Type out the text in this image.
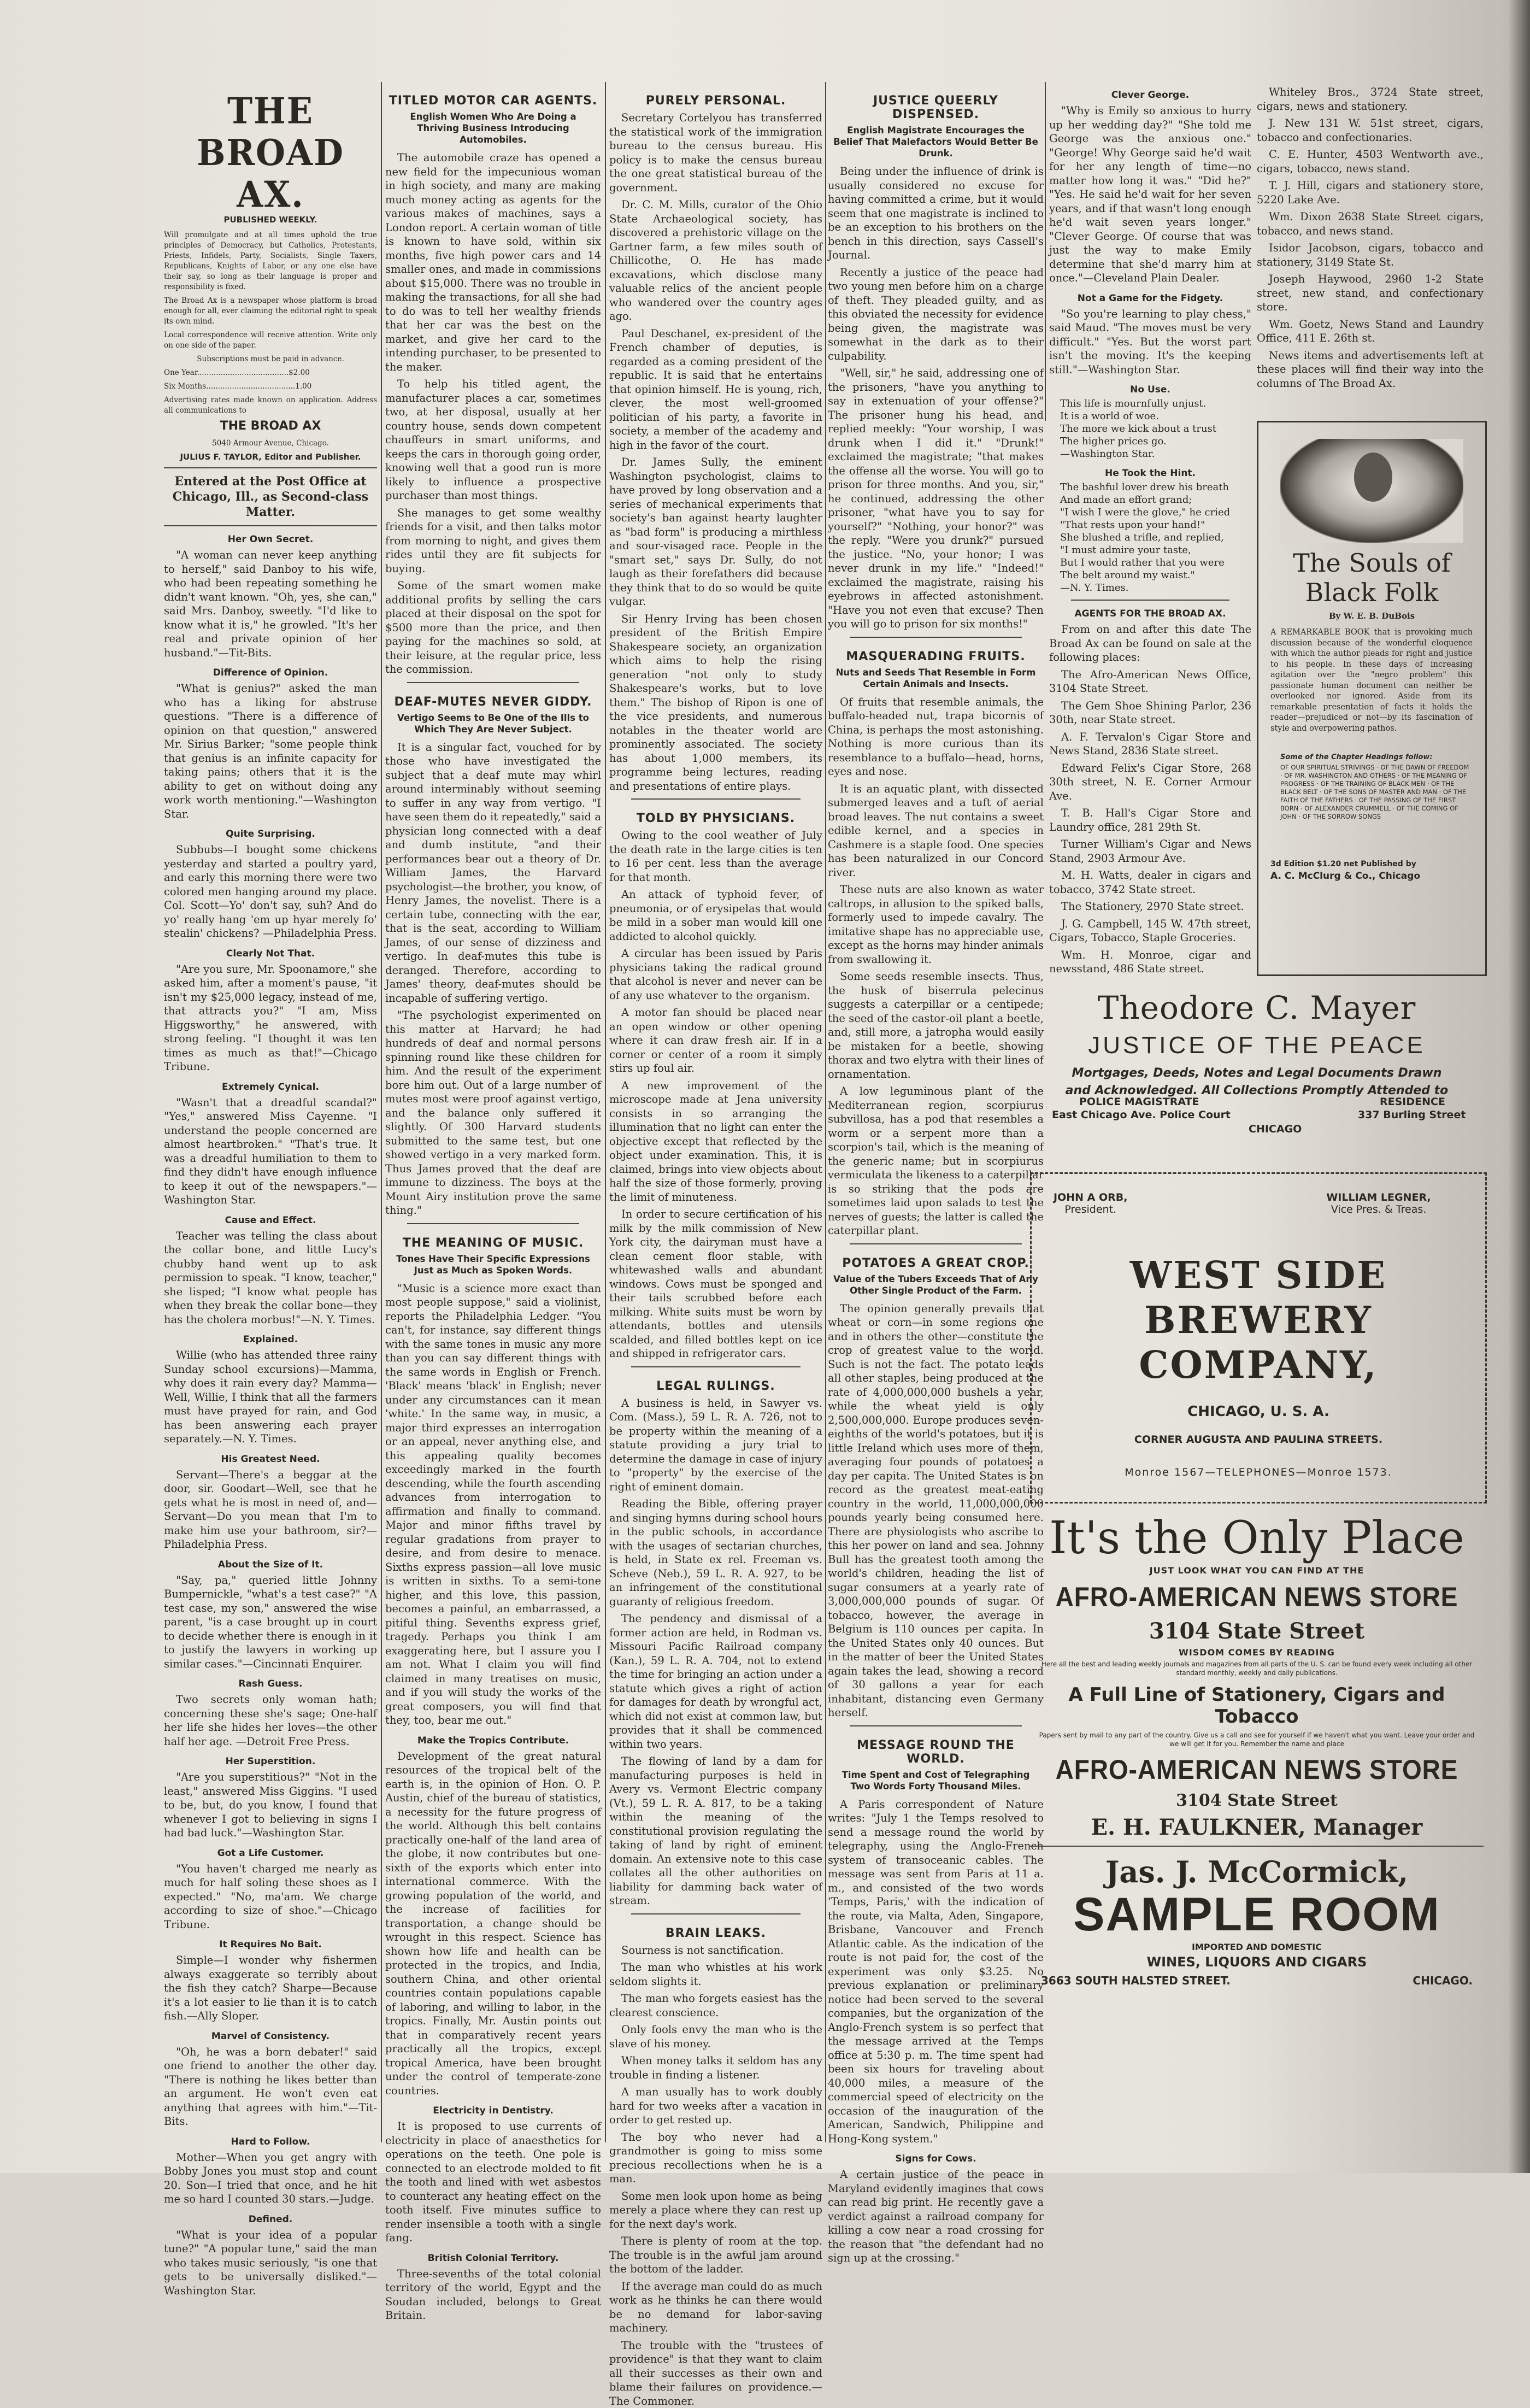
THE BROAD AX.
PUBLISHED WEEKLY.
Will promulgate and at all times uphold the true principles of Democracy, but Catholics, Protestants, Priests, Infidels, Party, Socialists, Single Taxers, Republicans, Knights of Labor, or any one else have their say, so long as their language is proper and responsibility is fixed.
The Broad Ax is a newspaper whose platform is broad enough for all, ever claiming the editorial right to speak its own mind.
Local correspondence will receive attention. Write only on one side of the paper.
Subscriptions must be paid in advance.
One Year.......................................$2.00
Six Months......................................1.00
Advertising rates made known on application. Address all communications to
THE BROAD AX
5040 Armour Avenue, Chicago.
JULIUS F. TAYLOR, Editor and Publisher.
Entered at the Post Office at Chicago, Ill., as Second-class Matter.
Her Own Secret.

"A woman can never keep anything to herself," said Danboy to his wife, who had been repeating something he didn't want known. "Oh, yes, she can," said Mrs. Danboy, sweetly. "I'd like to know what it is," he growled. "It's her real and private opinion of her husband."—Tit-Bits.

Difference of Opinion.

"What is genius?" asked the man who has a liking for abstruse questions. "There is a difference of opinion on that question," answered Mr. Sirius Barker; "some people think that genius is an infinite capacity for taking pains; others that it is the ability to get on without doing any work worth mentioning."—Washington Star.

Quite Surprising.

Subbubs—I bought some chickens yesterday and started a poultry yard, and early this morning there were two colored men hanging around my place. Col. Scott—Yo' don't say, suh? And do yo' really hang 'em up hyar merely fo' stealin' chickens? —Philadelphia Press.

Clearly Not That.

"Are you sure, Mr. Spoonamore," she asked him, after a moment's pause, "it isn't my $25,000 legacy, instead of me, that attracts you?" "I am, Miss Higgsworthy," he answered, with strong feeling. "I thought it was ten times as much as that!"—Chicago Tribune.

Extremely Cynical.

"Wasn't that a dreadful scandal?" "Yes," answered Miss Cayenne. "I understand the people concerned are almost heartbroken." "That's true. It was a dreadful humiliation to them to find they didn't have enough influence to keep it out of the newspapers."—Washington Star.

Cause and Effect.

Teacher was telling the class about the collar bone, and little Lucy's chubby hand went up to ask permission to speak. "I know, teacher," she lisped; "I know what people has when they break the collar bone—they has the cholera morbus!"—N. Y. Times.

Explained.

Willie (who has attended three rainy Sunday school excursions)—Mamma, why does it rain every day? Mamma—Well, Willie, I think that all the farmers must have prayed for rain, and God has been answering each prayer separately.—N. Y. Times.

His Greatest Need.

Servant—There's a beggar at the door, sir. Goodart—Well, see that he gets what he is most in need of, and— Servant—Do you mean that I'm to make him use your bathroom, sir?—Philadelphia Press.

About the Size of It.

"Say, pa," queried little Johnny Bumpernickle, "what's a test case?" "A test case, my son," answered the wise parent, "is a case brought up in court to decide whether there is enough in it to justify the lawyers in working up similar cases."—Cincinnati Enquirer.

Rash Guess.

Two secrets only woman hath; concerning these she's sage; One-half her life she hides her loves—the other half her age. —Detroit Free Press.

Her Superstition.

"Are you superstitious?" "Not in the least," answered Miss Giggins. "I used to be, but, do you know, I found that whenever I got to believing in signs I had bad luck."—Washington Star.

Got a Life Customer.

"You haven't charged me nearly as much for half soling these shoes as I expected." "No, ma'am. We charge according to size of shoe."—Chicago Tribune.

It Requires No Bait.

Simple—I wonder why fishermen always exaggerate so terribly about the fish they catch? Sharpe—Because it's a lot easier to lie than it is to catch fish.—Ally Sloper.

Marvel of Consistency.

"Oh, he was a born debater!" said one friend to another the other day. "There is nothing he likes better than an argument. He won't even eat anything that agrees with him."—Tit-Bits.

Hard to Follow.

Mother—When you get angry with Bobby Jones you must stop and count 20. Son—I tried that once, and he hit me so hard I counted 30 stars.—Judge.

Defined.

"What is your idea of a popular tune?" "A popular tune," said the man who takes music seriously, "is one that gets to be universally disliked."—Washington Star.

TITLED MOTOR CAR AGENTS.
English Women Who Are Doing a Thriving Business Introducing Automobiles.

The automobile craze has opened a new field for the impecunious woman in high society, and many are making much money acting as agents for the various makes of machines, says a London report. A certain woman of title is known to have sold, within six months, five high power cars and 14 smaller ones, and made in commissions about $15,000. There was no trouble in making the transactions, for all she had to do was to tell her wealthy friends that her car was the best on the market, and give her card to the intending purchaser, to be presented to the maker.

To help his titled agent, the manufacturer places a car, sometimes two, at her disposal, usually at her country house, sends down competent chauffeurs in smart uniforms, and keeps the cars in thorough going order, knowing well that a good run is more likely to influence a prospective purchaser than most things.

She manages to get some wealthy friends for a visit, and then talks motor from morning to night, and gives them rides until they are fit subjects for buying.

Some of the smart women make additional profits by selling the cars placed at their disposal on the spot for $500 more than the price, and then paying for the machines so sold, at their leisure, at the regular price, less the commission.

DEAF-MUTES NEVER GIDDY.
Vertigo Seems to Be One of the Ills to Which They Are Never Subject.

It is a singular fact, vouched for by those who have investigated the subject that a deaf mute may whirl around interminably without seeming to suffer in any way from vertigo. "I have seen them do it repeatedly," said a physician long connected with a deaf and dumb institute, "and their performances bear out a theory of Dr. William James, the Harvard psychologist—the brother, you know, of Henry James, the novelist. There is a certain tube, connecting with the ear, that is the seat, according to William James, of our sense of dizziness and vertigo. In deaf-mutes this tube is deranged. Therefore, according to James' theory, deaf-mutes should be incapable of suffering vertigo.

"The psychologist experimented on this matter at Harvard; he had hundreds of deaf and normal persons spinning round like these children for him. And the result of the experiment bore him out. Out of a large number of mutes most were proof against vertigo, and the balance only suffered it slightly. Of 300 Harvard students submitted to the same test, but one showed vertigo in a very marked form. Thus James proved that the deaf are immune to dizziness. The boys at the Mount Airy institution prove the same thing."

THE MEANING OF MUSIC.
Tones Have Their Specific Expressions Just as Much as Spoken Words.

"Music is a science more exact than most people suppose," said a violinist, reports the Philadelphia Ledger. "You can't, for instance, say different things with the same tones in music any more than you can say different things with the same words in English or French. 'Black' means 'black' in English; never under any circumstances can it mean 'white.' In the same way, in music, a major third expresses an interrogation or an appeal, never anything else, and this appealing quality becomes exceedingly marked in the fourth descending, while the fourth ascending advances from interrogation to affirmation and finally to command. Major and minor fifths travel by regular gradations from prayer to desire, and from desire to menace. Sixths express passion—all love music is written in sixths. To a semi-tone higher, and this love, this passion, becomes a painful, an embarrassed, a pitiful thing. Sevenths express grief, tragedy. Perhaps you think I am exaggerating here, but I assure you I am not. What I claim you will find claimed in many treatises on music, and if you will study the works of the great composers, you will find that they, too, bear me out."

Make the Tropics Contribute.

Development of the great natural resources of the tropical belt of the earth is, in the opinion of Hon. O. P. Austin, chief of the bureau of statistics, a necessity for the future progress of the world. Although this belt contains practically one-half of the land area of the globe, it now contributes but one-sixth of the exports which enter into international commerce. With the growing population of the world, and the increase of facilities for transportation, a change should be wrought in this respect. Science has shown how life and health can be protected in the tropics, and India, southern China, and other oriental countries contain populations capable of laboring, and willing to labor, in the tropics. Finally, Mr. Austin points out that in comparatively recent years practically all the tropics, except tropical America, have been brought under the control of temperate-zone countries.

Electricity in Dentistry.

It is proposed to use currents of electricity in place of anaesthetics for operations on the teeth. One pole is connected to an electrode molded to fit the tooth and lined with wet asbestos to counteract any heating effect on the tooth itself. Five minutes suffice to render insensible a tooth with a single fang.

British Colonial Territory.

Three-sevenths of the total colonial territory of the world, Egypt and the Soudan included, belongs to Great Britain.

PURELY PERSONAL.

Secretary Cortelyou has transferred the statistical work of the immigration bureau to the census bureau. His policy is to make the census bureau the one great statistical bureau of the government.

Dr. C. M. Mills, curator of the Ohio State Archaeological society, has discovered a prehistoric village on the Gartner farm, a few miles south of Chillicothe, O. He has made excavations, which disclose many valuable relics of the ancient people who wandered over the country ages ago.

Paul Deschanel, ex-president of the French chamber of deputies, is regarded as a coming president of the republic. It is said that he entertains that opinion himself. He is young, rich, clever, the most well-groomed politician of his party, a favorite in society, a member of the academy and high in the favor of the court.

Dr. James Sully, the eminent Washington psychologist, claims to have proved by long observation and a series of mechanical experiments that society's ban against hearty laughter as "bad form" is producing a mirthless and sour-visaged race. People in the "smart set," says Dr. Sully, do not laugh as their forefathers did because they think that to do so would be quite vulgar.

Sir Henry Irving has been chosen president of the British Empire Shakespeare society, an organization which aims to help the rising generation "not only to study Shakespeare's works, but to love them." The bishop of Ripon is one of the vice presidents, and numerous notables in the theater world are prominently associated. The society has about 1,000 members, its programme being lectures, reading and presentations of entire plays.

TOLD BY PHYSICIANS.

Owing to the cool weather of July the death rate in the large cities is ten to 16 per cent. less than the average for that month.

An attack of typhoid fever, of pneumonia, or of erysipelas that would be mild in a sober man would kill one addicted to alcohol quickly.

A circular has been issued by Paris physicians taking the radical ground that alcohol is never and never can be of any use whatever to the organism.

A motor fan should be placed near an open window or other opening where it can draw fresh air. If in a corner or center of a room it simply stirs up foul air.

A new improvement of the microscope made at Jena university consists in so arranging the illumination that no light can enter the objective except that reflected by the object under examination. This, it is claimed, brings into view objects about half the size of those formerly, proving the limit of minuteness.

In order to secure certification of his milk by the milk commission of New York city, the dairyman must have a clean cement floor stable, with whitewashed walls and abundant windows. Cows must be sponged and their tails scrubbed before each milking. White suits must be worn by attendants, bottles and utensils scalded, and filled bottles kept on ice and shipped in refrigerator cars.

LEGAL RULINGS.

A business is held, in Sawyer vs. Com. (Mass.), 59 L. R. A. 726, not to be property within the meaning of a statute providing a jury trial to determine the damage in case of injury to "property" by the exercise of the right of eminent domain.

Reading the Bible, offering prayer and singing hymns during school hours in the public schools, in accordance with the usages of sectarian churches, is held, in State ex rel. Freeman vs. Scheve (Neb.), 59 L. R. A. 927, to be an infringement of the constitutional guaranty of religious freedom.

The pendency and dismissal of a former action are held, in Rodman vs. Missouri Pacific Railroad company (Kan.), 59 L. R. A. 704, not to extend the time for bringing an action under a statute which gives a right of action for damages for death by wrongful act, which did not exist at common law, but provides that it shall be commenced within two years.

The flowing of land by a dam for manufacturing purposes is held in Avery vs. Vermont Electric company (Vt.), 59 L. R. A. 817, to be a taking within the meaning of the constitutional provision regulating the taking of land by right of eminent domain. An extensive note to this case collates all the other authorities on liability for damming back water of stream.

BRAIN LEAKS.

Sourness is not sanctification.

The man who whistles at his work seldom slights it.

The man who forgets easiest has the clearest conscience.

Only fools envy the man who is the slave of his money.

When money talks it seldom has any trouble in finding a listener.

A man usually has to work doubly hard for two weeks after a vacation in order to get rested up.

The boy who never had a grandmother is going to miss some precious recollections when he is a man.

Some men look upon home as being merely a place where they can rest up for the next day's work.

There is plenty of room at the top. The trouble is in the awful jam around the bottom of the ladder.

If the average man could do as much work as he thinks he can there would be no demand for labor-saving machinery.

The trouble with the "trustees of providence" is that they want to claim all their successes as their own and blame their failures on providence.—The Commoner.

JUSTICE QUEERLY DISPENSED.
English Magistrate Encourages the Belief That Malefactors Would Better Be Drunk.

Being under the influence of drink is usually considered no excuse for having committed a crime, but it would seem that one magistrate is inclined to be an exception to his brothers on the bench in this direction, says Cassell's Journal.

Recently a justice of the peace had two young men before him on a charge of theft. They pleaded guilty, and as this obviated the necessity for evidence being given, the magistrate was somewhat in the dark as to their culpability.

"Well, sir," he said, addressing one of the prisoners, "have you anything to say in extenuation of your offense?" The prisoner hung his head, and replied meekly: "Your worship, I was drunk when I did it." "Drunk!" exclaimed the magistrate; "that makes the offense all the worse. You will go to prison for three months. And you, sir," he continued, addressing the other prisoner, "what have you to say for yourself?" "Nothing, your honor?" was the reply. "Were you drunk?" pursued the justice. "No, your honor; I was never drunk in my life." "Indeed!" exclaimed the magistrate, raising his eyebrows in affected astonishment. "Have you not even that excuse? Then you will go to prison for six months!"

MASQUERADING FRUITS.
Nuts and Seeds That Resemble in Form Certain Animals and Insects.

Of fruits that resemble animals, the buffalo-headed nut, trapa bicornis of China, is perhaps the most astonishing. Nothing is more curious than its resemblance to a buffalo—head, horns, eyes and nose.

It is an aquatic plant, with dissected submerged leaves and a tuft of aerial broad leaves. The nut contains a sweet edible kernel, and a species in Cashmere is a staple food. One species has been naturalized in our Concord river.

These nuts are also known as water caltrops, in allusion to the spiked balls, formerly used to impede cavalry. The imitative shape has no appreciable use, except as the horns may hinder animals from swallowing it.

Some seeds resemble insects. Thus, the husk of biserrula pelecinus suggests a caterpillar or a centipede; the seed of the castor-oil plant a beetle, and, still more, a jatropha would easily be mistaken for a beetle, showing thorax and two elytra with their lines of ornamentation.

A low leguminous plant of the Mediterranean region, scorpiurus subvillosa, has a pod that resembles a worm or a serpent more than a scorpion's tail, which is the meaning of the generic name; but in scorpiurus vermiculata the likeness to a caterpillar is so striking that the pods are sometimes laid upon salads to test the nerves of guests; the latter is called the caterpillar plant.

POTATOES A GREAT CROP.
Value of the Tubers Exceeds That of Any Other Single Product of the Farm.

The opinion generally prevails that wheat or corn—in some regions one and in others the other—constitute the crop of greatest value to the world. Such is not the fact. The potato leads all other staples, being produced at the rate of 4,000,000,000 bushels a year, while the wheat yield is only 2,500,000,000. Europe produces seven-eighths of the world's potatoes, but it is little Ireland which uses more of them, averaging four pounds of potatoes a day per capita. The United States is on record as the greatest meat-eating country in the world, 11,000,000,000 pounds yearly being consumed here. There are physiologists who ascribe to this her power on land and sea. Johnny Bull has the greatest tooth among the world's children, heading the list of sugar consumers at a yearly rate of 3,000,000,000 pounds of sugar. Of tobacco, however, the average in Belgium is 110 ounces per capita. In the United States only 40 ounces. But in the matter of beer the United States again takes the lead, showing a record of 30 gallons a year for each inhabitant, distancing even Germany herself.

MESSAGE ROUND THE WORLD.
Time Spent and Cost of Telegraphing Two Words Forty Thousand Miles.

A Paris correspondent of Nature writes: "July 1 the Temps resolved to send a message round the world by telegraphy, using the Anglo-French system of transoceanic cables. The message was sent from Paris at 11 a. m., and consisted of the two words 'Temps, Paris,' with the indication of the route, via Malta, Aden, Singapore, Brisbane, Vancouver and French Atlantic cable. As the indication of the route is not paid for, the cost of the experiment was only $3.25. No previous explanation or preliminary notice had been served to the several companies, but the organization of the Anglo-French system is so perfect that the message arrived at the Temps office at 5:30 p. m. The time spent had been six hours for traveling about 40,000 miles, a measure of the commercial speed of electricity on the occasion of the inauguration of the American, Sandwich, Philippine and Hong-Kong system."

Signs for Cows.

A certain justice of the peace in Maryland evidently imagines that cows can read big print. He recently gave a verdict against a railroad company for killing a cow near a road crossing for the reason that "the defendant had no sign up at the crossing."

Clever George.

"Why is Emily so anxious to hurry up her wedding day?" "She told me George was the anxious one." "George! Why George said he'd wait for her any length of time—no matter how long it was." "Did he?" "Yes. He said he'd wait for her seven years, and if that wasn't long enough he'd wait seven years longer." "Clever George. Of course that was just the way to make Emily determine that she'd marry him at once."—Cleveland Plain Dealer.

Not a Game for the Fidgety.

"So you're learning to play chess," said Maud. "The moves must be very difficult." "Yes. But the worst part isn't the moving. It's the keeping still."—Washington Star.

No Use.
This life is mournfully unjust.
It is a world of woe.
The more we kick about a trust
The higher prices go.
—Washington Star.
He Took the Hint.
The bashful lover drew his breath
And made an effort grand;
"I wish I were the glove," he cried
"That rests upon your hand!"
She blushed a trifle, and replied,
"I must admire your taste,
But I would rather that you were
The belt around my waist."
—N. Y. Times.
AGENTS FOR THE BROAD AX.

From on and after this date The Broad Ax can be found on sale at the following places:

The Afro-American News Office, 3104 State Street.

The Gem Shoe Shining Parlor, 236 30th, near State street.

A. F. Tervalon's Cigar Store and News Stand, 2836 State street.

Edward Felix's Cigar Store, 268 30th street, N. E. Corner Armour Ave.

T. B. Hall's Cigar Store and Laundry office, 281 29th St.

Turner William's Cigar and News Stand, 2903 Armour Ave.

M. H. Watts, dealer in cigars and tobacco, 3742 State street.

The Stationery, 2970 State street.

J. G. Campbell, 145 W. 47th street, Cigars, Tobacco, Staple Groceries.

Wm. H. Monroe, cigar and newsstand, 486 State street.

Whiteley Bros., 3724 State street, cigars, news and stationery.

J. New 131 W. 51st street, cigars, tobacco and confectionaries.

C. E. Hunter, 4503 Wentworth ave., cigars, tobacco, news stand.

T. J. Hill, cigars and stationery store, 5220 Lake Ave.

Wm. Dixon 2638 State Street cigars, tobacco, and news stand.

Isidor Jacobson, cigars, tobacco and stationery, 3149 State St.

Joseph Haywood, 2960 1-2 State street, new stand, and confectionary store.

Wm. Goetz, News Stand and Laundry Office, 411 E. 26th st.

News items and advertisements left at these places will find their way into the columns of The Broad Ax.

The Souls of Black Folk
By W. E. B. DuBois
A REMARKABLE BOOK that is provoking much discussion because of the wonderful eloquence with which the author pleads for right and justice to his people. In these days of increasing agitation over the "negro problem" this passionate human document can neither be overlooked nor ignored. Aside from its remarkable presentation of facts it holds the reader—prejudiced or not—by its fascination of style and overpowering pathos.
Some of the Chapter Headings follow:
OF OUR SPIRITUAL STRIVINGS · OF THE DAWN OF FREEDOM · OF MR. WASHINGTON AND OTHERS · OF THE MEANING OF PROGRESS · OF THE TRAINING OF BLACK MEN · OF THE BLACK BELT · OF THE SONS OF MASTER AND MAN · OF THE FAITH OF THE FATHERS · OF THE PASSING OF THE FIRST BORN · OF ALEXANDER CRUMMELL · OF THE COMING OF JOHN · OF THE SORROW SONGS
3d Edition $1.20 net Published by
A. C. McClurg & Co., Chicago
Theodore C. Mayer
JUSTICE OF THE PEACE
Mortgages, Deeds, Notes and Legal Documents Drawn
and Acknowledged. All Collections Promptly Attended to
POLICE MAGISTRATE
East Chicago Ave. Police Court
CHICAGO
RESIDENCE
337 Burling Street
JOHN A ORB,
President.
WILLIAM LEGNER,
Vice Pres. & Treas.
WEST SIDE
BREWERY
COMPANY,
CHICAGO, U. S. A.
CORNER AUGUSTA AND PAULINA STREETS.
Monroe 1567—TELEPHONES—Monroe 1573.
It's the Only Place
JUST LOOK WHAT YOU CAN FIND AT THE
AFRO-AMERICAN NEWS STORE
3104 State Street
WISDOM COMES BY READING
Here all the best and leading weekly journals and magazines from all parts of the U. S. can be found every week including all other standard monthly, weekly and daily publications.
A Full Line of Stationery, Cigars and Tobacco
Papers sent by mail to any part of the country. Give us a call and see for yourself if we haven't what you want. Leave your order and we will get it for you. Remember the name and place
AFRO-AMERICAN NEWS STORE
3104 State Street
E. H. FAULKNER, Manager
Jas. J. McCormick,
SAMPLE ROOM
IMPORTED AND DOMESTIC
WINES, LIQUORS AND CIGARS
3663 SOUTH HALSTED STREET.	CHICAGO.
